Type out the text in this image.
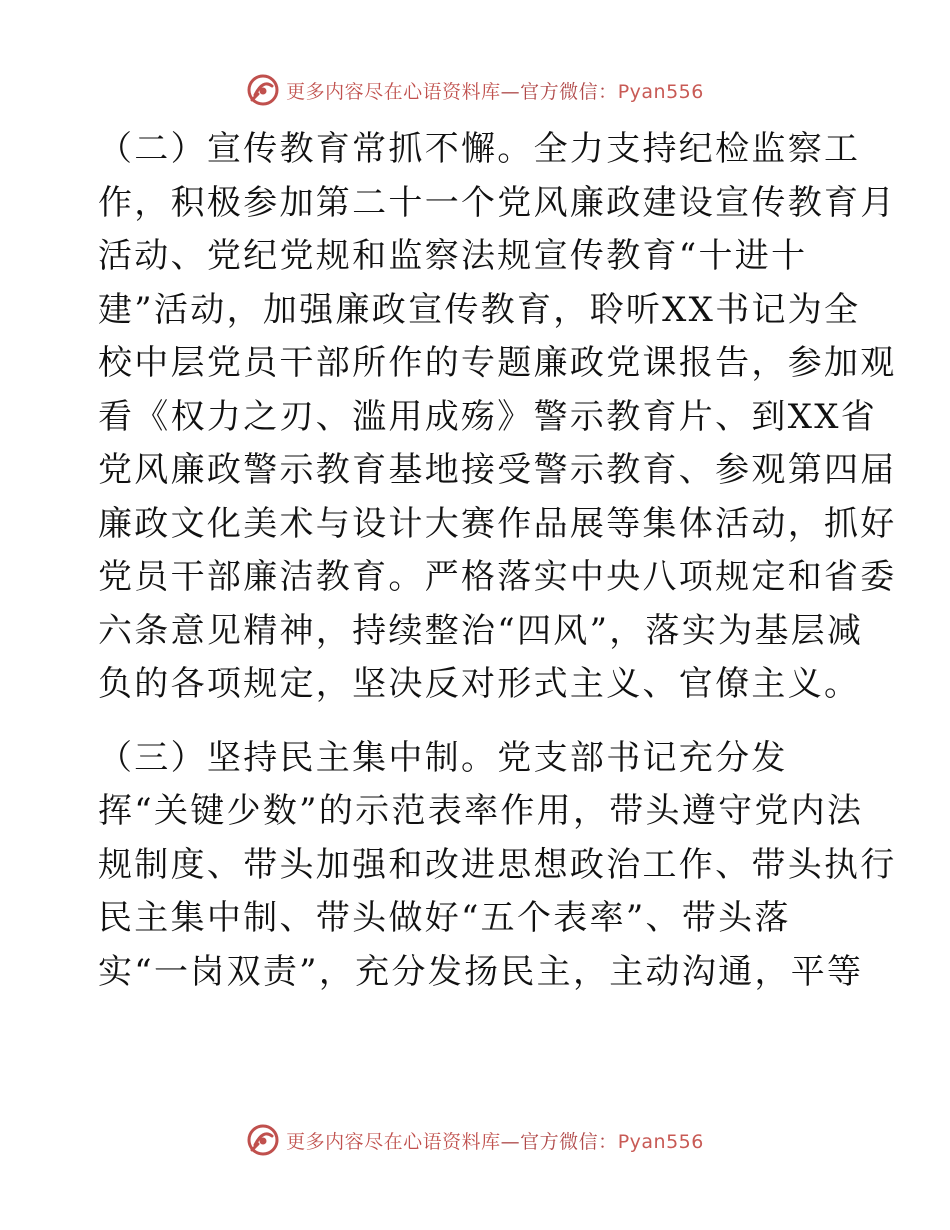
更多内容尽在心语资料库—官方微信：Pyan556
（二）宣传教育常抓不懈。全力支持纪检监察工
作，积极参加第二十一个党风廉政建设宣传教育月
活动、党纪党规和监察法规宣传教育“十进十
建”活动，加强廉政宣传教育，聆听XX书记为全
校中层党员干部所作的专题廉政党课报告，参加观
看《权力之刃、滥用成殇》警示教育片、到XX省
党风廉政警示教育基地接受警示教育、参观第四届
廉政文化美术与设计大赛作品展等集体活动，抓好
党员干部廉洁教育。严格落实中央八项规定和省委
六条意见精神，持续整治“四风”，落实为基层减
负的各项规定，坚决反对形式主义、官僚主义。
（三）坚持民主集中制。党支部书记充分发
挥“关键少数”的示范表率作用，带头遵守党内法
规制度、带头加强和改进思想政治工作、带头执行
民主集中制、带头做好“五个表率”、带头落
实“一岗双责”，充分发扬民主，主动沟通，平等
更多内容尽在心语资料库—官方微信：Pyan556
